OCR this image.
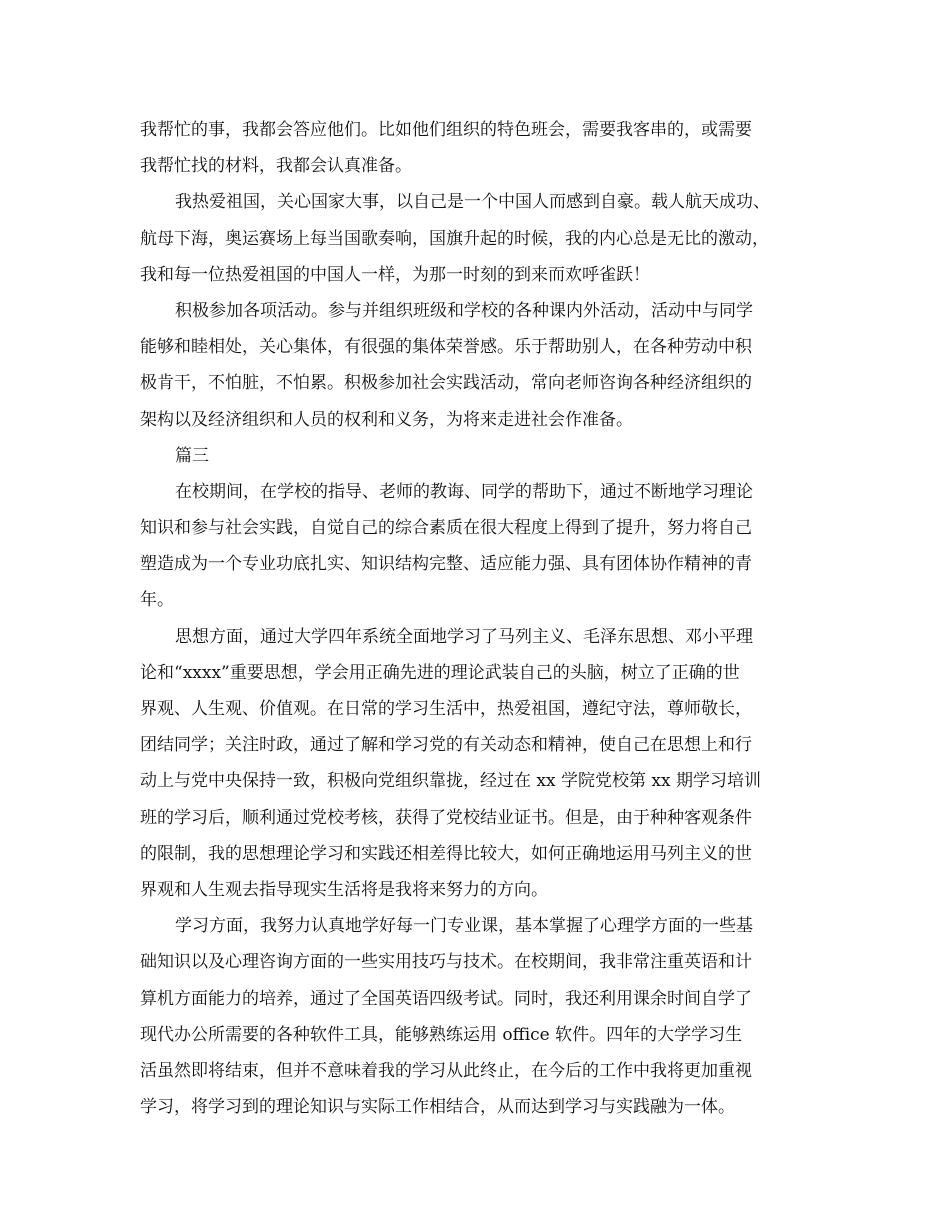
我帮忙的事，我都会答应他们。比如他们组织的特色班会，需要我客串的，或需要
我帮忙找的材料，我都会认真准备。
我热爱祖国，关心国家大事，以自己是一个中国人而感到自豪。载人航天成功、
航母下海，奥运赛场上每当国歌奏响，国旗升起的时候，我的内心总是无比的激动，
我和每一位热爱祖国的中国人一样，为那一时刻的到来而欢呼雀跃！
积极参加各项活动。参与并组织班级和学校的各种课内外活动，活动中与同学
能够和睦相处，关心集体，有很强的集体荣誉感。乐于帮助别人，在各种劳动中积
极肯干，不怕脏，不怕累。积极参加社会实践活动，常向老师咨询各种经济组织的
架构以及经济组织和人员的权利和义务，为将来走进社会作准备。
篇三
在校期间，在学校的指导、老师的教诲、同学的帮助下，通过不断地学习理论
知识和参与社会实践，自觉自己的综合素质在很大程度上得到了提升，努力将自己
塑造成为一个专业功底扎实、知识结构完整、适应能力强、具有团体协作精神的青
年。
思想方面，通过大学四年系统全面地学习了马列主义、毛泽东思想、邓小平理
论和“xxxx”重要思想，学会用正确先进的理论武装自己的头脑，树立了正确的世
界观、人生观、价值观。在日常的学习生活中，热爱祖国，遵纪守法，尊师敬长，
团结同学；关注时政，通过了解和学习党的有关动态和精神，使自己在思想上和行
动上与党中央保持一致，积极向党组织靠拢，经过在 xx 学院党校第 xx 期学习培训
班的学习后，顺利通过党校考核，获得了党校结业证书。但是，由于种种客观条件
的限制，我的思想理论学习和实践还相差得比较大，如何正确地运用马列主义的世
界观和人生观去指导现实生活将是我将来努力的方向。
学习方面，我努力认真地学好每一门专业课，基本掌握了心理学方面的一些基
础知识以及心理咨询方面的一些实用技巧与技术。在校期间，我非常注重英语和计
算机方面能力的培养，通过了全国英语四级考试。同时，我还利用课余时间自学了
现代办公所需要的各种软件工具，能够熟练运用 office 软件。四年的大学学习生
活虽然即将结束，但并不意味着我的学习从此终止，在今后的工作中我将更加重视
学习，将学习到的理论知识与实际工作相结合，从而达到学习与实践融为一体。
